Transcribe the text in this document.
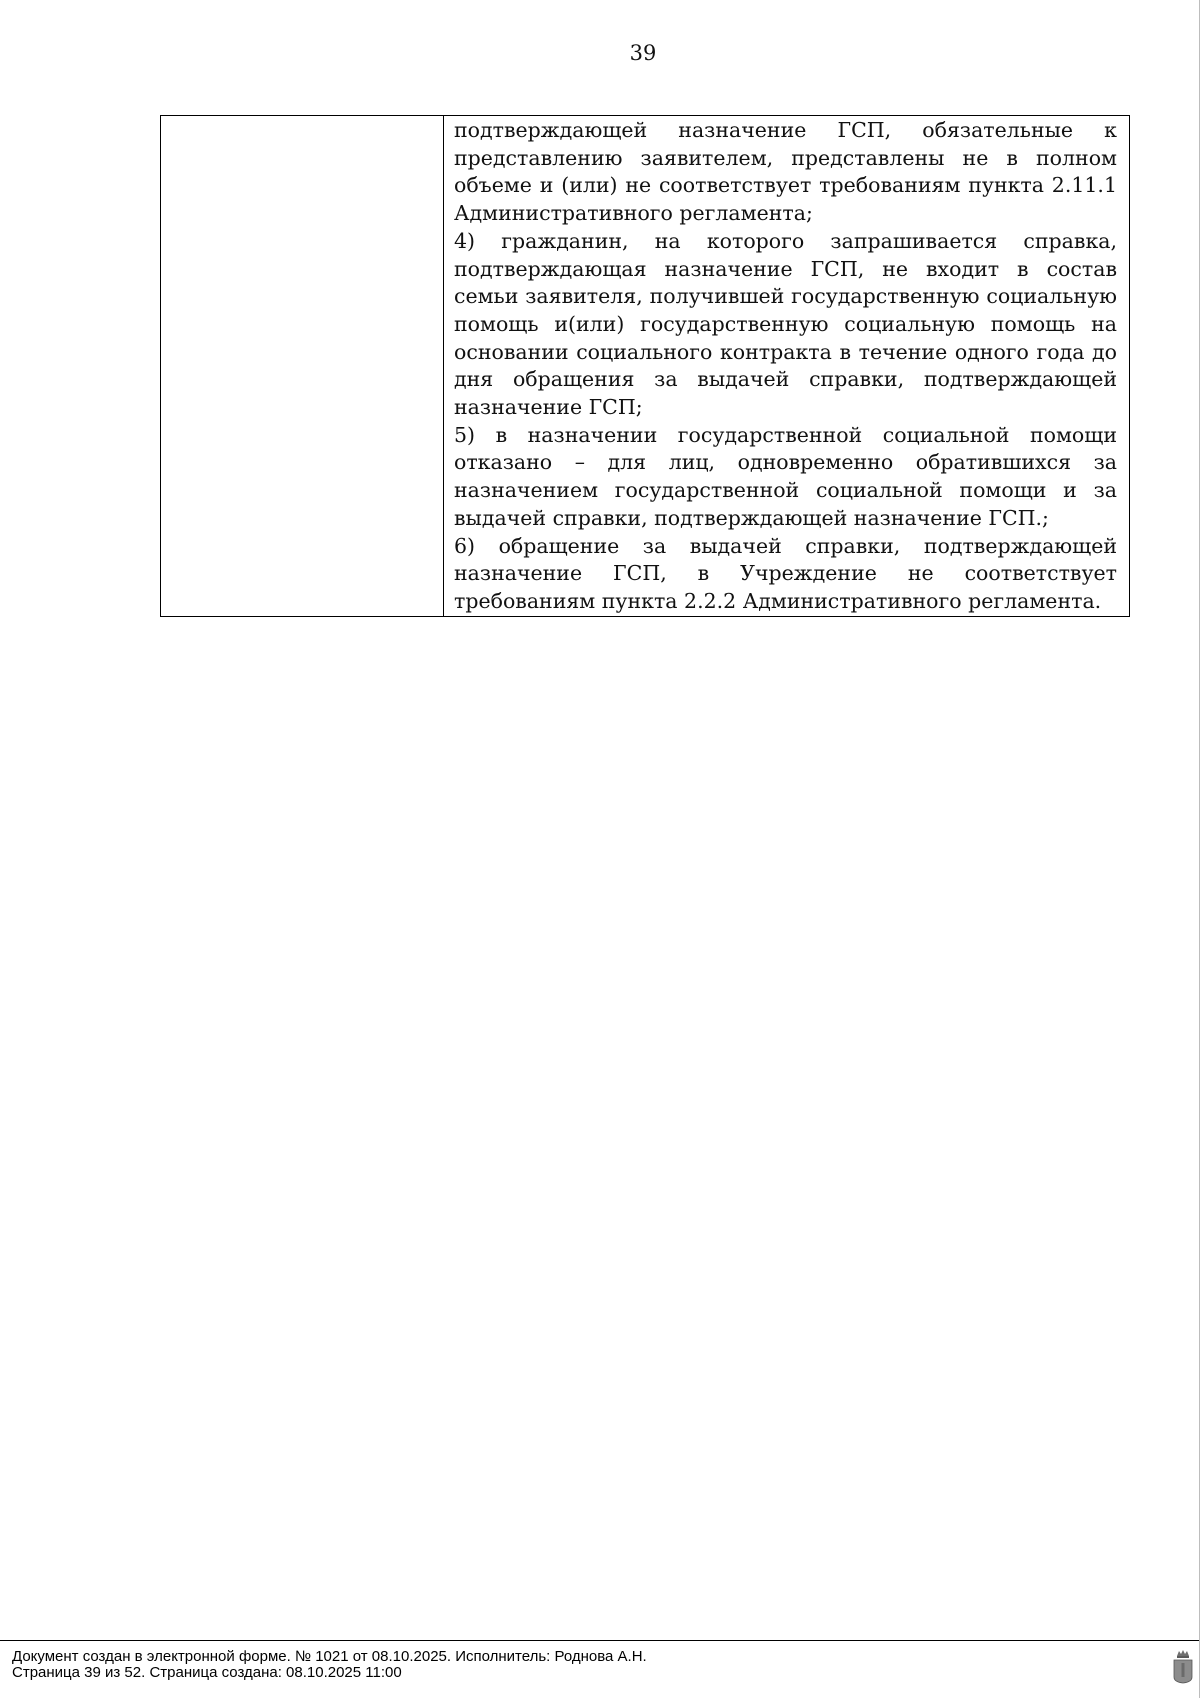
39

подтверждающей назначение ГСП, обязательные к представлению заявителем, представлены не в полном объеме и (или) не соответствует требованиям пункта 2.11.1 Административного регламента;

4) гражданин, на которого запрашивается справка, подтверждающая назначение ГСП, не входит в состав семьи заявителя, получившей государственную социальную помощь и(или) государственную социальную помощь на основании социального контракта в течение одного года до дня обращения за выдачей справки, подтверждающей назначение ГСП;

5) в назначении государственной социальной помощи отказано – для лиц, одновременно обратившихся за назначением государственной социальной помощи и за выдачей справки, подтверждающей назначение ГСП.;

6) обращение за выдачей справки, подтверждающей назначение ГСП, в Учреждение не соответствует требованиям пункта 2.2.2 Административного регламента.

Документ создан в электронной форме. № 1021 от 08.10.2025. Исполнитель: Роднова А.Н.
Страница 39 из 52. Страница создана: 08.10.2025 11:00
